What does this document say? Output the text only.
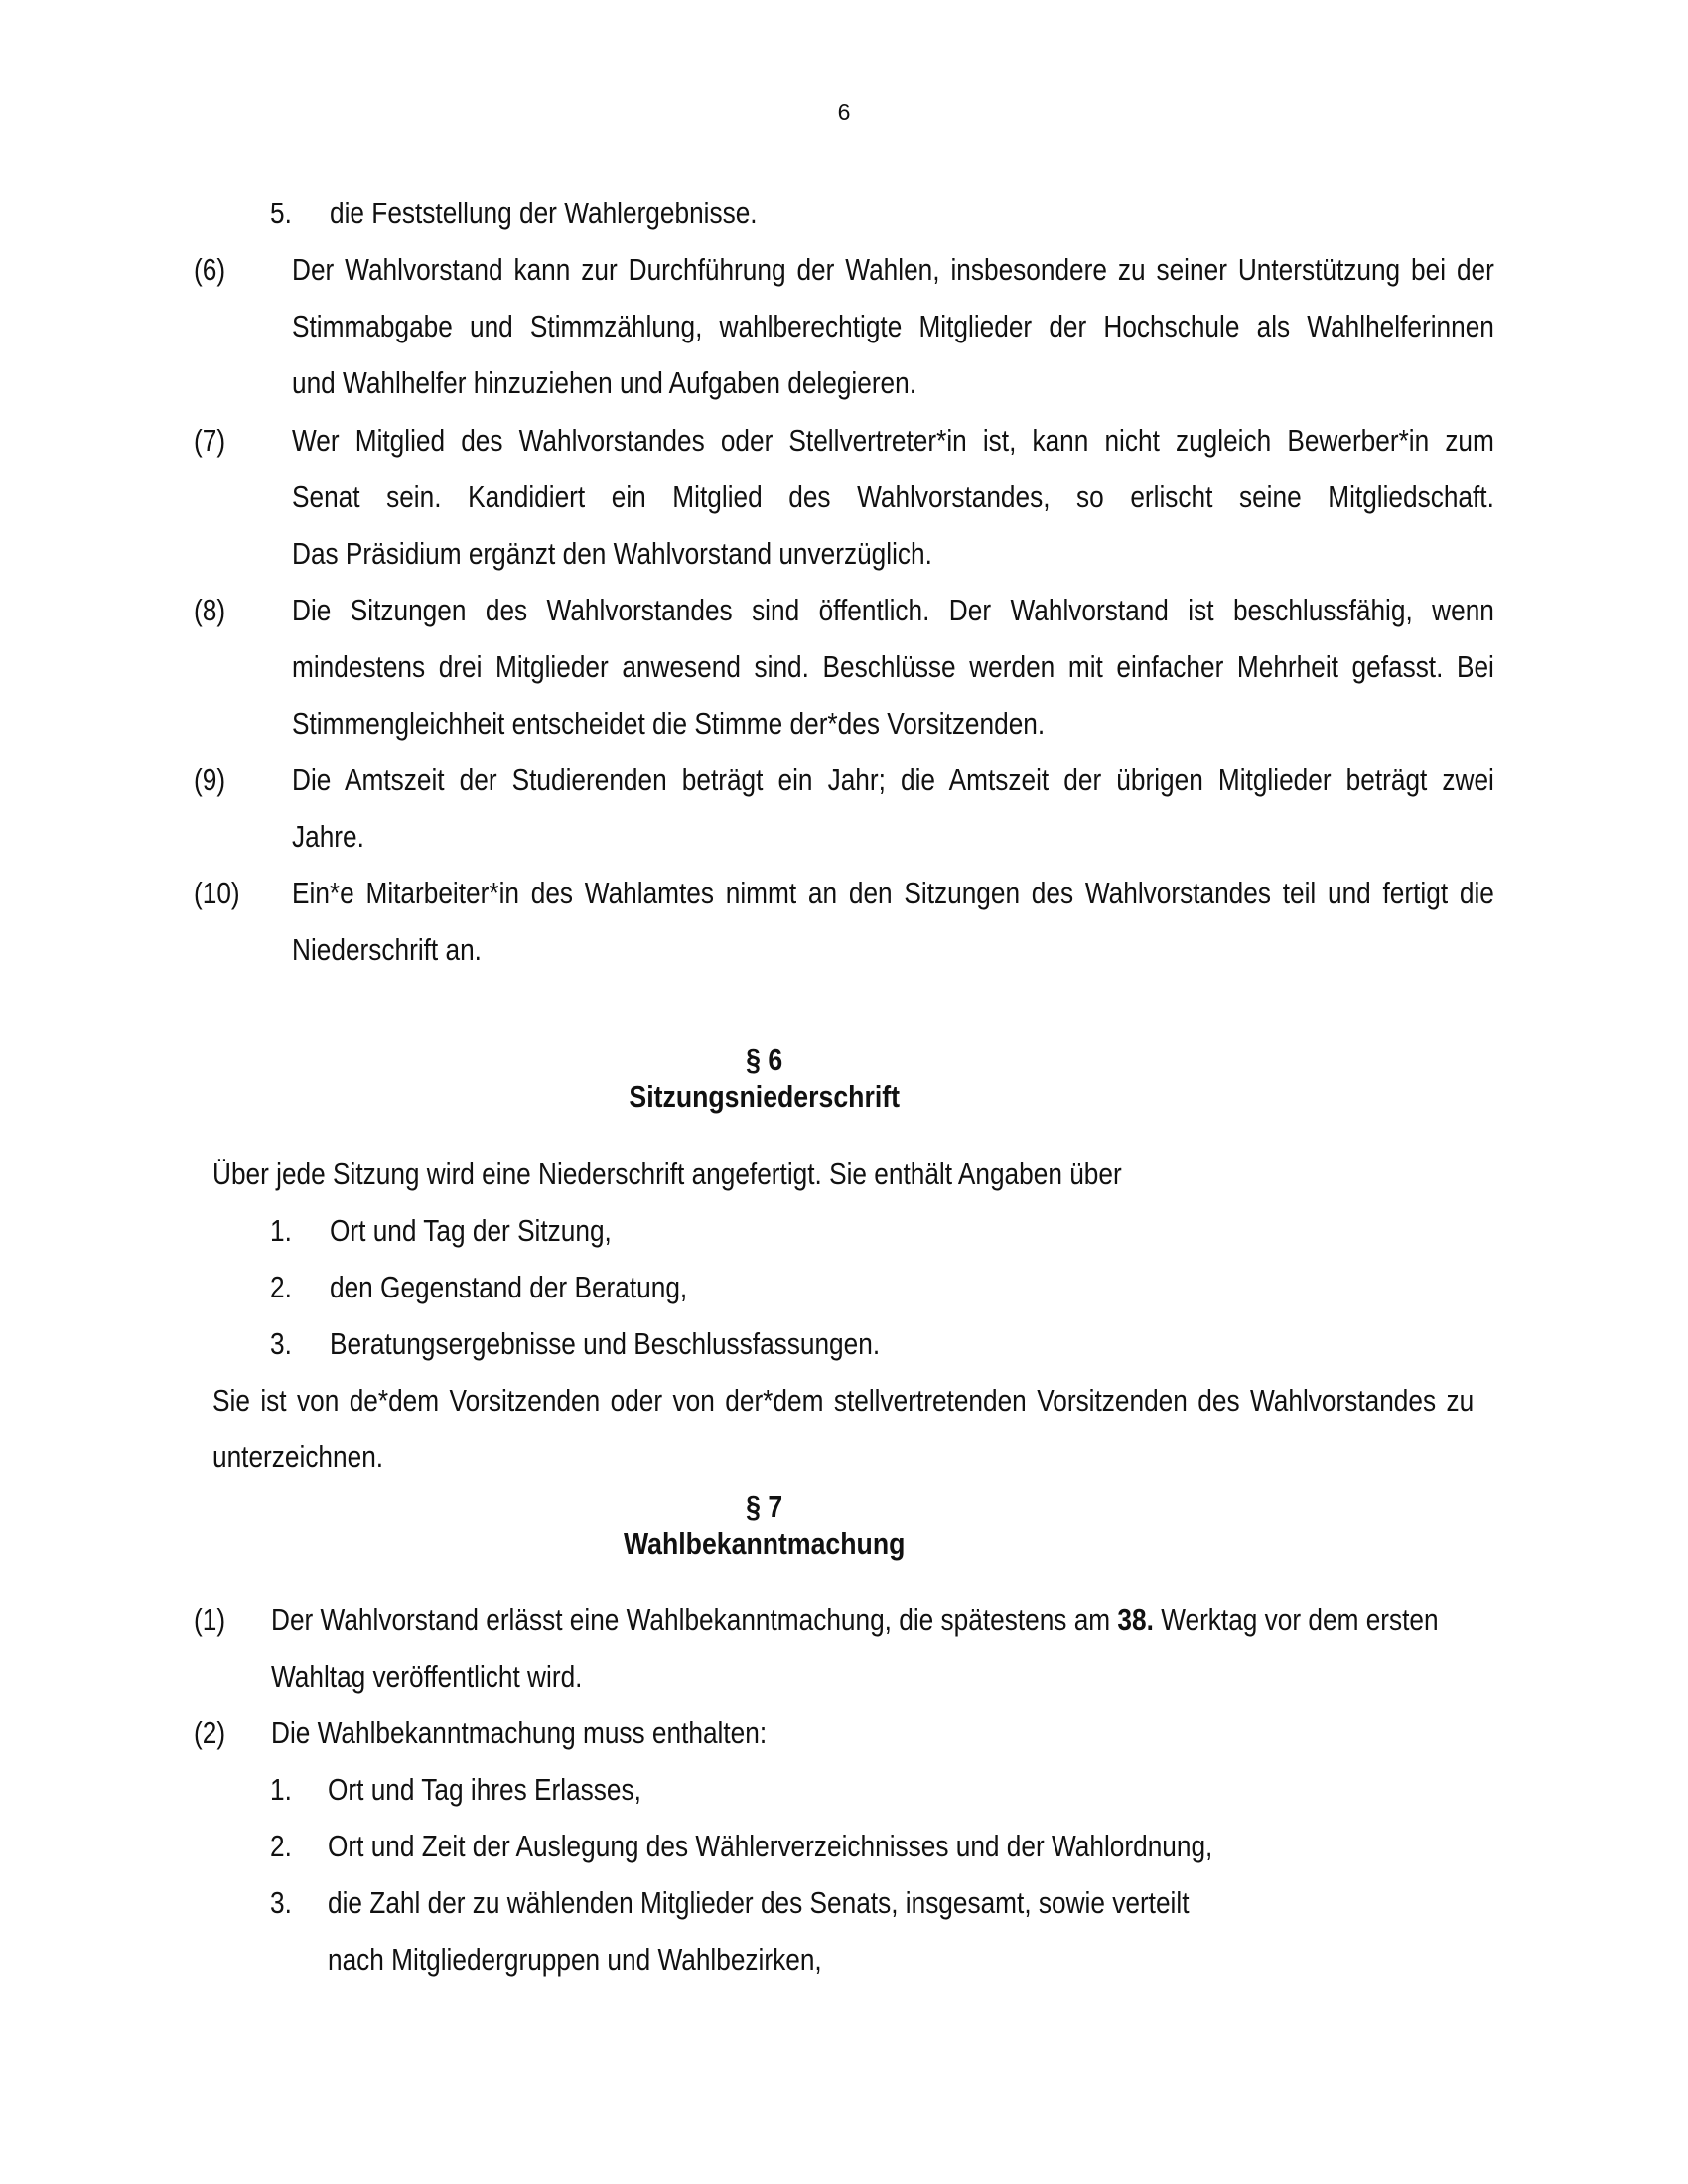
6
5. die Feststellung der Wahlergebnisse.
(6) Der Wahlvorstand kann zur Durchführung der Wahlen, insbesondere zu seiner Unterstützung bei der
Stimmabgabe und Stimmzählung, wahlberechtigte Mitglieder der Hochschule als Wahlhelferinnen
und Wahlhelfer hinzuziehen und Aufgaben delegieren.
(7) Wer Mitglied des Wahlvorstandes oder Stellvertreter*in ist, kann nicht zugleich Bewerber*in zum
Senat sein. Kandidiert ein Mitglied des Wahlvorstandes, so erlischt seine Mitgliedschaft.
Das Präsidium ergänzt den Wahlvorstand unverzüglich.
(8) Die Sitzungen des Wahlvorstandes sind öffentlich. Der Wahlvorstand ist beschlussfähig, wenn
mindestens drei Mitglieder anwesend sind. Beschlüsse werden mit einfacher Mehrheit gefasst. Bei
Stimmengleichheit entscheidet die Stimme der*des Vorsitzenden.
(9) Die Amtszeit der Studierenden beträgt ein Jahr; die Amtszeit der übrigen Mitglieder beträgt zwei
Jahre.
(10) Ein*e Mitarbeiter*in des Wahlamtes nimmt an den Sitzungen des Wahlvorstandes teil und fertigt die
Niederschrift an.
§ 6
Sitzungsniederschrift
Über jede Sitzung wird eine Niederschrift angefertigt. Sie enthält Angaben über
1. Ort und Tag der Sitzung,
2. den Gegenstand der Beratung,
3. Beratungsergebnisse und Beschlussfassungen.
Sie ist von de*dem Vorsitzenden oder von der*dem stellvertretenden Vorsitzenden des Wahlvorstandes zu
unterzeichnen.
§ 7
Wahlbekanntmachung
(1) Der Wahlvorstand erlässt eine Wahlbekanntmachung, die spätestens am 38. Werktag vor dem ersten
Wahltag veröffentlicht wird.
(2) Die Wahlbekanntmachung muss enthalten:
1. Ort und Tag ihres Erlasses,
2. Ort und Zeit der Auslegung des Wählerverzeichnisses und der Wahlordnung,
3. die Zahl der zu wählenden Mitglieder des Senats, insgesamt, sowie verteilt
nach Mitgliedergruppen und Wahlbezirken,
